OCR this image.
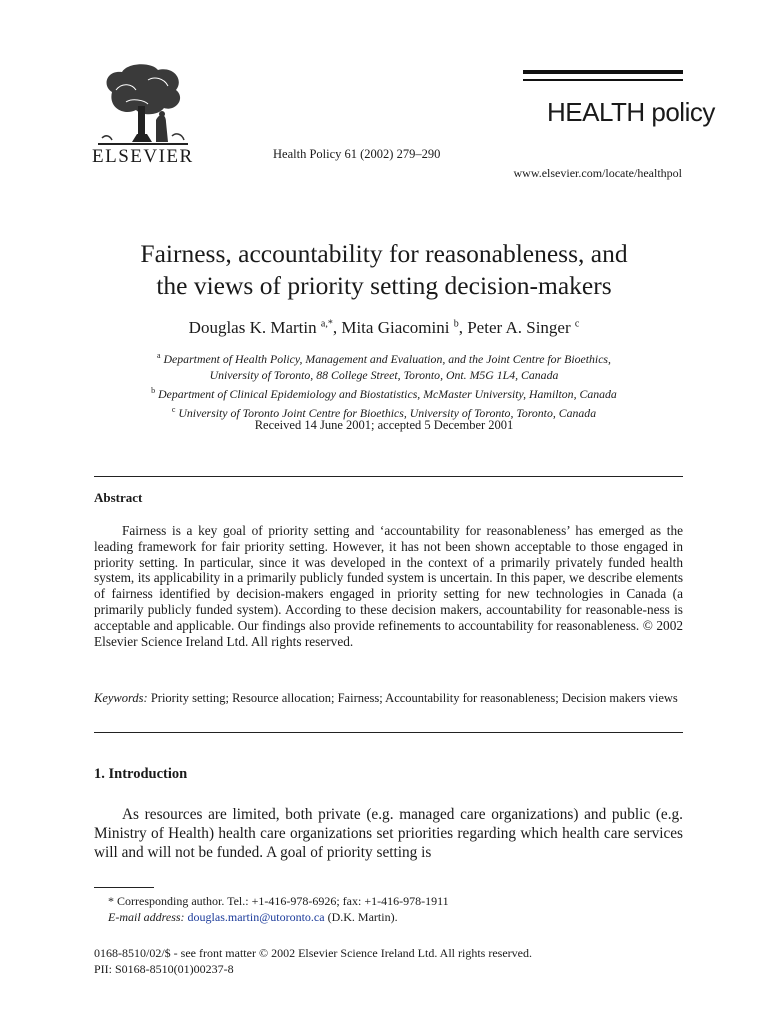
ELSEVIER	Health Policy 61 (2002) 279–290
HEALTH policy
www.elsevier.com/locate/healthpol
Fairness, accountability for reasonableness, and
the views of priority setting decision-makers
Douglas K. Martin $^{a,*}$, Mita Giacomini $^b$, Peter A. Singer $^c$
$^a$ Department of Health Policy, Management and Evaluation, and the Joint Centre for Bioethics,
University of Toronto, 88 College Street, Toronto, Ont. M5G 1L4, Canada
$^b$ Department of Clinical Epidemiology and Biostatistics, McMaster University, Hamilton, Canada
$^c$ University of Toronto Joint Centre for Bioethics, University of Toronto, Toronto, Canada
Received 14 June 2001; accepted 5 December 2001
Abstract
Fairness is a key goal of priority setting and ‘accountability for reasonableness’ has emerged as the leading framework for fair priority setting. However, it has not been shown acceptable to those engaged in priority setting. In particular, since it was developed in the context of a primarily privately funded health system, its applicability in a primarily publicly funded system is uncertain. In this paper, we describe elements of fairness identified by decision-makers engaged in priority setting for new technologies in Canada (a primarily publicly funded system). According to these decision makers, accountability for reasonable-ness is acceptable and applicable. Our findings also provide refinements to accountability for reasonableness. © 2002 Elsevier Science Ireland Ltd. All rights reserved.
Keywords: Priority setting; Resource allocation; Fairness; Accountability for reasonableness; Decision makers views
1. Introduction
As resources are limited, both private (e.g. managed care organizations) and public (e.g. Ministry of Health) health care organizations set priorities regarding which health care services will and will not be funded. A goal of priority setting is
* Corresponding author. Tel.: +1-416-978-6926; fax: +1-416-978-1911
E-mail address: douglas.martin@utoronto.ca (D.K. Martin).
0168-8510/02/$ - see front matter © 2002 Elsevier Science Ireland Ltd. All rights reserved.
PII: S0168-8510(01)00237-8
